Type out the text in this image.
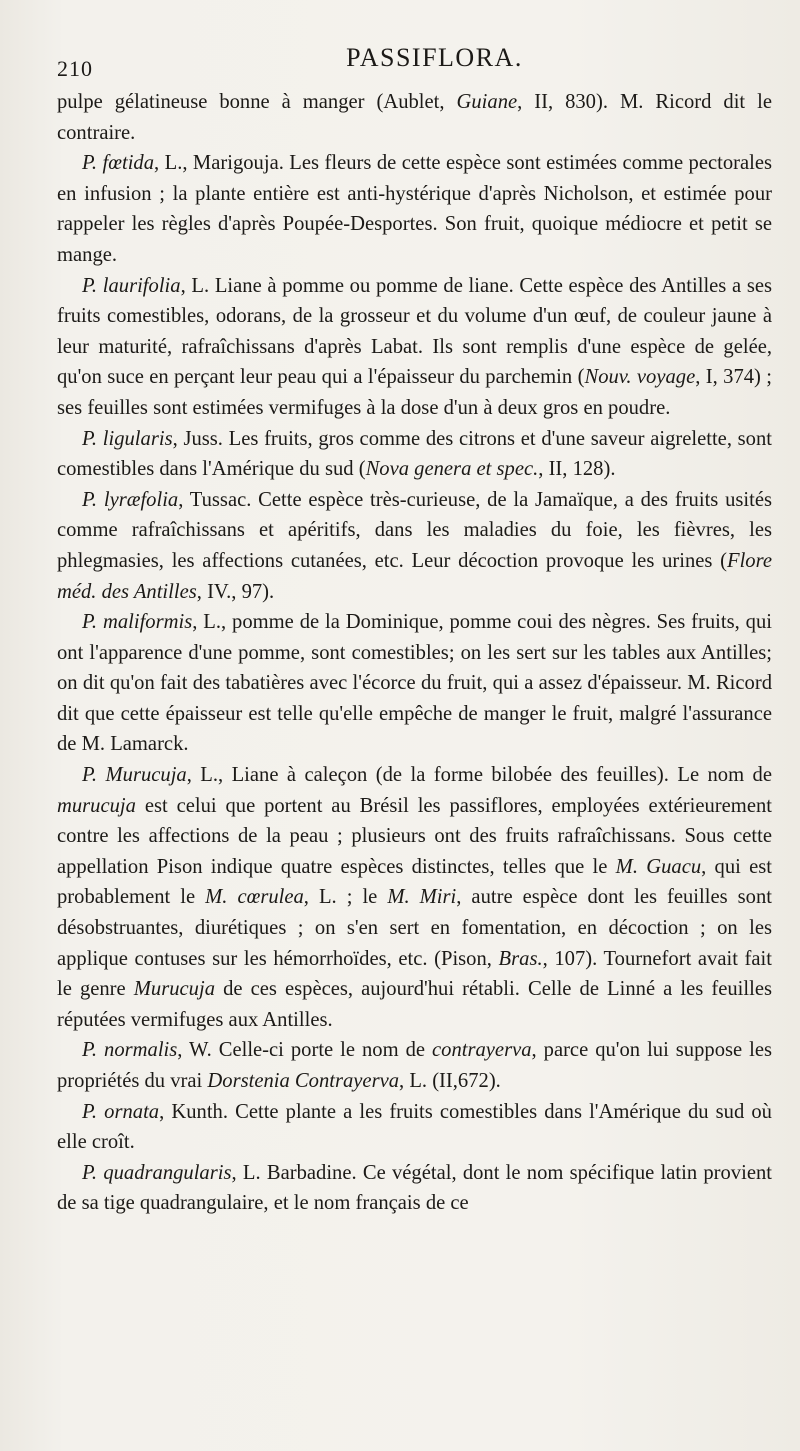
210	PASSIFLORA.

pulpe gélatineuse bonne à manger (Aublet, Guiane, II, 830). M. Ricord dit le contraire.

P. fœtida, L., Marigouja. Les fleurs de cette espèce sont estimées comme pectorales en infusion ; la plante entière est anti-hystérique d'après Nicholson, et estimée pour rappeler les règles d'après Poupée-Desportes. Son fruit, quoique médiocre et petit se mange.

P. laurifolia, L. Liane à pomme ou pomme de liane. Cette espèce des Antilles a ses fruits comestibles, odorans, de la grosseur et du volume d'un œuf, de couleur jaune à leur maturité, rafraîchissans d'après Labat. Ils sont remplis d'une espèce de gelée, qu'on suce en perçant leur peau qui a l'épaisseur du parchemin (Nouv. voyage, I, 374) ; ses feuilles sont estimées vermifuges à la dose d'un à deux gros en poudre.

P. ligularis, Juss. Les fruits, gros comme des citrons et d'une saveur aigrelette, sont comestibles dans l'Amérique du sud (Nova genera et spec., II, 128).

P. lyræfolia, Tussac. Cette espèce très-curieuse, de la Jamaïque, a des fruits usités comme rafraîchissans et apéritifs, dans les maladies du foie, les fièvres, les phlegmasies, les affections cutanées, etc. Leur décoction provoque les urines (Flore méd. des Antilles, IV., 97).

P. maliformis, L., pomme de la Dominique, pomme coui des nègres. Ses fruits, qui ont l'apparence d'une pomme, sont comestibles; on les sert sur les tables aux Antilles; on dit qu'on fait des tabatières avec l'écorce du fruit, qui a assez d'épaisseur. M. Ricord dit que cette épaisseur est telle qu'elle empêche de manger le fruit, malgré l'assurance de M. Lamarck.

P. Murucuja, L., Liane à caleçon (de la forme bilobée des feuilles). Le nom de murucuja est celui que portent au Brésil les passiflores, employées extérieurement contre les affections de la peau ; plusieurs ont des fruits rafraîchissans. Sous cette appellation Pison indique quatre espèces distinctes, telles que le M. Guacu, qui est probablement le M. cœrulea, L. ; le M. Miri, autre espèce dont les feuilles sont désobstruantes, diurétiques ; on s'en sert en fomentation, en décoction ; on les applique contuses sur les hémorrhoïdes, etc. (Pison, Bras., 107). Tournefort avait fait le genre Murucuja de ces espèces, aujourd'hui rétabli. Celle de Linné a les feuilles réputées vermifuges aux Antilles.

P. normalis, W. Celle-ci porte le nom de contrayerva, parce qu'on lui suppose les propriétés du vrai Dorstenia Contrayerva, L. (II,672).

P. ornata, Kunth. Cette plante a les fruits comestibles dans l'Amérique du sud où elle croît.

P. quadrangularis, L. Barbadine. Ce végétal, dont le nom spécifique latin provient de sa tige quadrangulaire, et le nom français de ce
